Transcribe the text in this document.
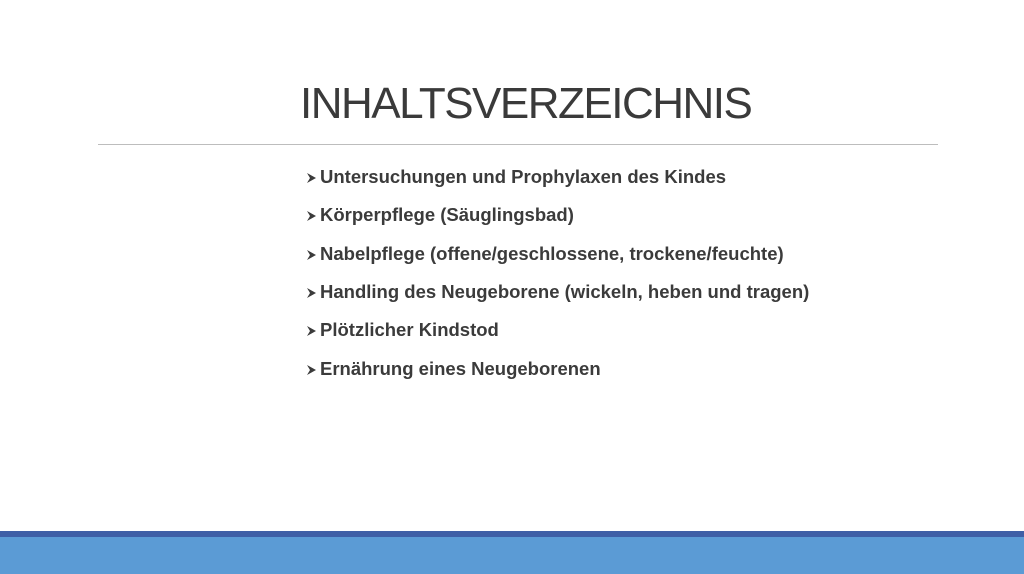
INHALTSVERZEICHNIS
Untersuchungen und Prophylaxen des Kindes
Körperpflege (Säuglingsbad)
Nabelpflege (offene/geschlossene, trockene/feuchte)
Handling des Neugeborene (wickeln, heben und tragen)
Plötzlicher Kindstod
Ernährung eines Neugeborenen
